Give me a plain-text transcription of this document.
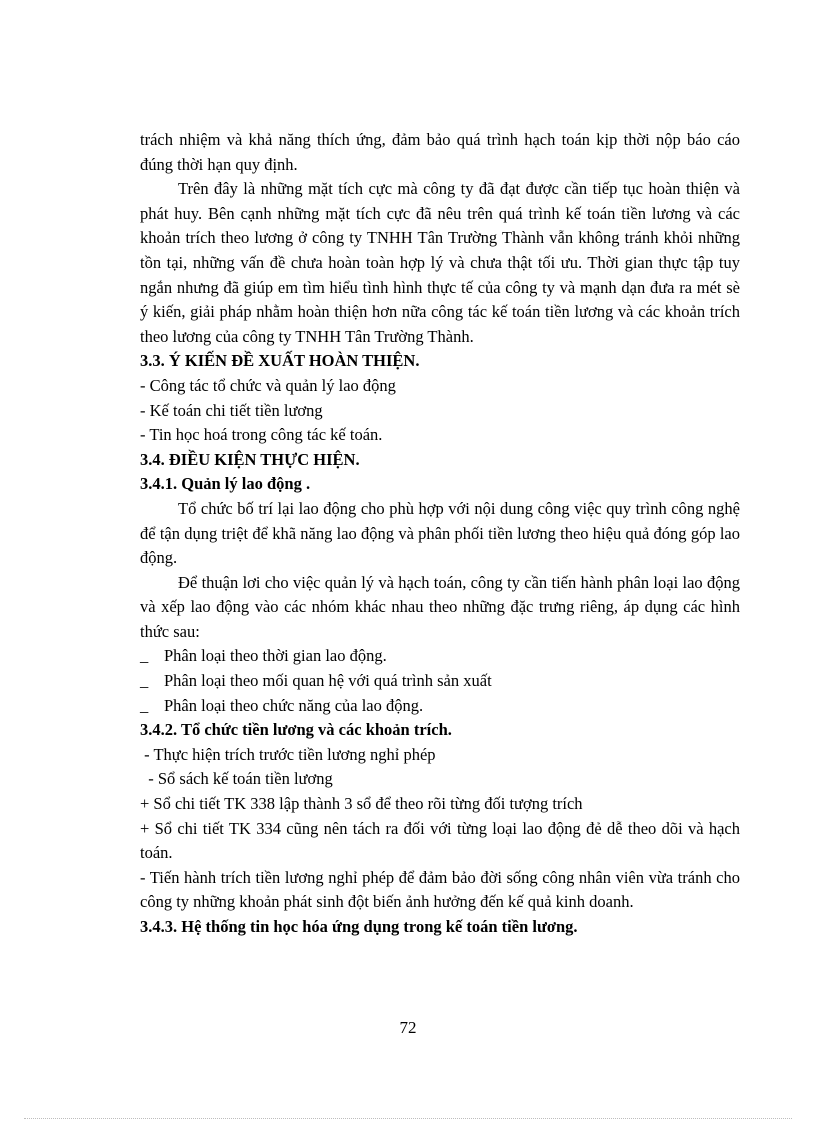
trách nhiệm và khả năng thích ứng, đảm bảo quá trình hạch toán kịp thời nộp báo cáo đúng thời hạn quy định.

Trên đây là những mặt tích cực mà công ty đã đạt được cần tiếp tục hoàn thiện và phát huy. Bên cạnh những mặt tích cực đã nêu trên quá trình kế toán tiền lương và các khoản trích theo lương ở công ty TNHH Tân Trường Thành vẫn không tránh khỏi những tồn tại, những vấn đề chưa hoàn toàn hợp lý và chưa thật tối ưu. Thời gian thực tập tuy ngắn nhưng đã giúp em tìm hiểu tình hình thực tế của công ty và mạnh dạn đưa ra mét sè ý kiến, giải pháp nhằm hoàn thiện hơn nữa công tác kế toán tiền lương và các khoản trích theo lương của công ty TNHH Tân Trường Thành.

3.3. Ý KIẾN ĐỀ XUẤT HOÀN THIỆN.

- Công tác tổ chức và quản lý lao động

- Kế toán chi tiết tiền lương

- Tin học hoá trong công tác kế toán.

3.4. ĐIỀU KIỆN THỰC HIỆN.

3.4.1. Quản lý lao động .

Tổ chức bố trí lại lao động cho phù hợp với nội dung công việc quy trình công nghệ để tận dụng triệt để khã năng lao động và phân phối tiền lương theo hiệu quả đóng góp lao động.

Để thuận lơi cho việc quản lý và hạch toán, công ty cần tiến hành phân loại lao động và xếp lao động vào các nhóm khác nhau theo những đặc trưng riêng, áp dụng các hình thức sau:

_ Phân loại theo thời gian lao động.

_ Phân loại theo mối quan hệ với quá trình sản xuất

_ Phân loại theo chức năng của lao động.

3.4.2. Tổ chức tiền lương và các khoản trích.

- Thực hiện trích trước tiền lương nghỉ phép

- Sổ sách kế toán tiền lương

+ Sổ chi tiết TK 338 lập thành 3 sổ để theo rõi từng đối tượng trích

+ Sổ chi tiết TK 334 cũng nên tách ra đối với từng loại lao động đẻ dễ theo dõi và hạch toán.

- Tiến hành trích tiền lương nghỉ phép để đảm bảo đời sống công nhân viên vừa tránh cho công ty những khoản phát sinh đột biến ảnh hưởng đến kế quả kinh doanh.

3.4.3. Hệ thống tin học hóa ứng dụng trong kế toán tiền lương.

72
